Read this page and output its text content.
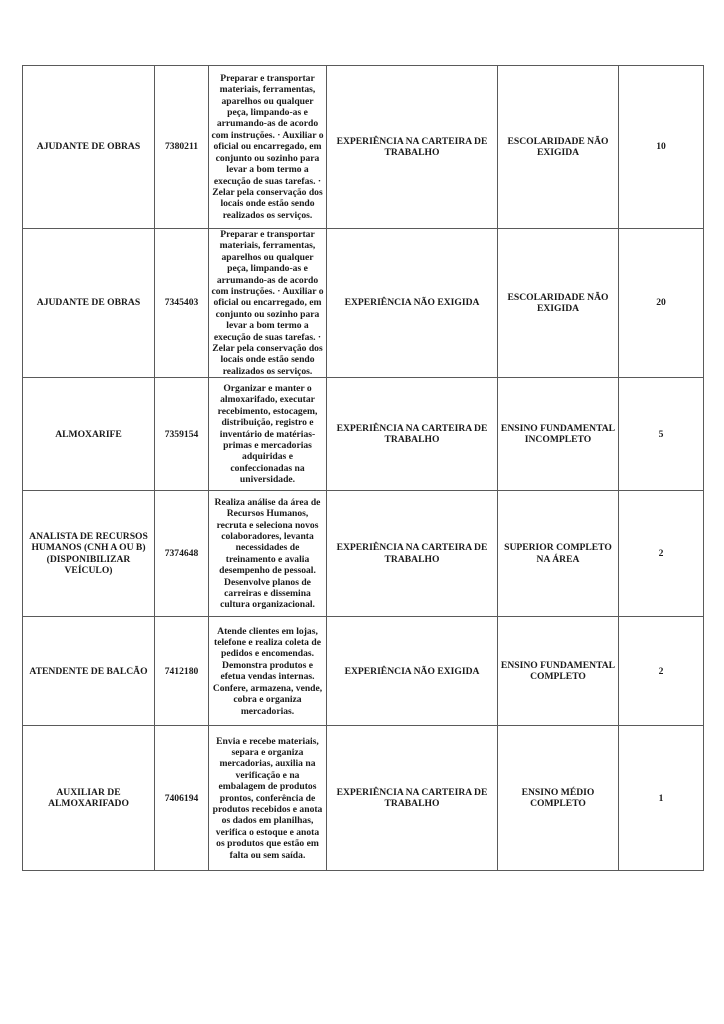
AJUDANTE DE OBRAS	7380211	Preparar e transportar materiais, ferramentas, aparelhos ou qualquer peça, limpando-as e arrumando-as de acordo com instruções. · Auxiliar o oficial ou encarregado, em conjunto ou sozinho para levar a bom termo a execução de suas tarefas. · Zelar pela conservação dos locais onde estão sendo realizados os serviços.	EXPERIÊNCIA NA CARTEIRA DE TRABALHO	ESCOLARIDADE NÃO EXIGIDA	10
AJUDANTE DE OBRAS	7345403	Preparar e transportar materiais, ferramentas, aparelhos ou qualquer peça, limpando-as e arrumando-as de acordo com instruções. · Auxiliar o oficial ou encarregado, em conjunto ou sozinho para levar a bom termo a execução de suas tarefas. · Zelar pela conservação dos locais onde estão sendo realizados os serviços.	EXPERIÊNCIA NÃO EXIGIDA	ESCOLARIDADE NÃO EXIGIDA	20
ALMOXARIFE	7359154	Organizar e manter o almoxarifado, executar recebimento, estocagem, distribuição, registro e inventário de matérias-primas e mercadorias adquiridas e confeccionadas na universidade.	EXPERIÊNCIA NA CARTEIRA DE TRABALHO	ENSINO FUNDAMENTAL INCOMPLETO	5
ANALISTA DE RECURSOS HUMANOS (CNH A OU B) (DISPONIBILIZAR VEÍCULO)	7374648	Realiza análise da área de Recursos Humanos, recruta e seleciona novos colaboradores, levanta necessidades de treinamento e avalia desempenho de pessoal. Desenvolve planos de carreiras e dissemina cultura organizacional.	EXPERIÊNCIA NA CARTEIRA DE TRABALHO	SUPERIOR COMPLETO NA ÁREA	2
ATENDENTE DE BALCÃO	7412180	Atende clientes em lojas, telefone e realiza coleta de pedidos e encomendas. Demonstra produtos e efetua vendas internas. Confere, armazena, vende, cobra e organiza mercadorias.	EXPERIÊNCIA NÃO EXIGIDA	ENSINO FUNDAMENTAL COMPLETO	2
AUXILIAR DE ALMOXARIFADO	7406194	Envia e recebe materiais, separa e organiza mercadorias, auxilia na verificação e na embalagem de produtos prontos, conferência de produtos recebidos e anota os dados em planilhas, verifica o estoque e anota os produtos que estão em falta ou sem saída.	EXPERIÊNCIA NA CARTEIRA DE TRABALHO	ENSINO MÉDIO COMPLETO	1
